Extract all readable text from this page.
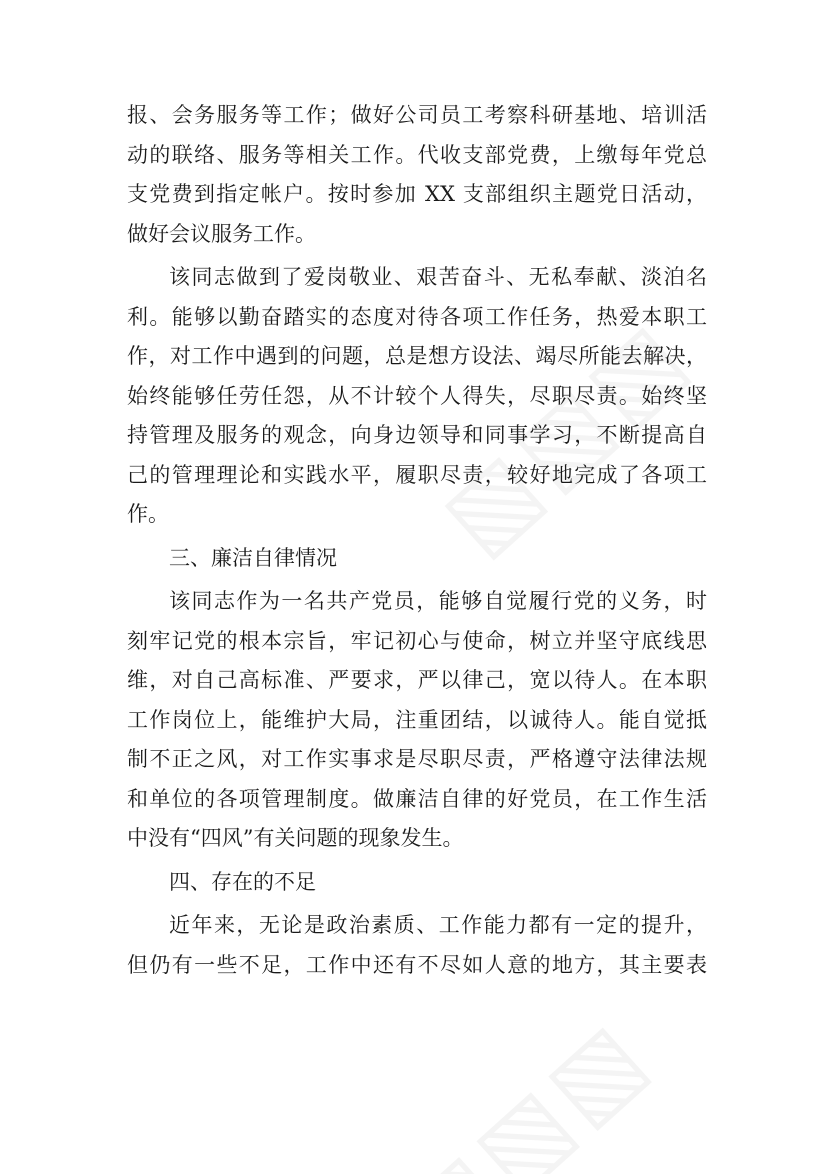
报、会务服务等工作；做好公司员工考察科研基地、培训活
动的联络、服务等相关工作。代收支部党费，上缴每年党总
支党费到指定帐户。按时参加 XX 支部组织主题党日活动，
做好会议服务工作。

该同志做到了爱岗敬业、艰苦奋斗、无私奉献、淡泊名
利。能够以勤奋踏实的态度对待各项工作任务，热爱本职工
作，对工作中遇到的问题，总是想方设法、竭尽所能去解决，
始终能够任劳任怨，从不计较个人得失，尽职尽责。始终坚
持管理及服务的观念，向身边领导和同事学习，不断提高自
己的管理理论和实践水平，履职尽责，较好地完成了各项工
作。

三、廉洁自律情况

该同志作为一名共产党员，能够自觉履行党的义务，时
刻牢记党的根本宗旨，牢记初心与使命，树立并坚守底线思
维，对自己高标准、严要求，严以律己，宽以待人。在本职
工作岗位上，能维护大局，注重团结，以诚待人。能自觉抵
制不正之风，对工作实事求是尽职尽责，严格遵守法律法规
和单位的各项管理制度。做廉洁自律的好党员，在工作生活
中没有“四风”有关问题的现象发生。

四、存在的不足

近年来，无论是政治素质、工作能力都有一定的提升，
但仍有一些不足，工作中还有不尽如人意的地方，其主要表
